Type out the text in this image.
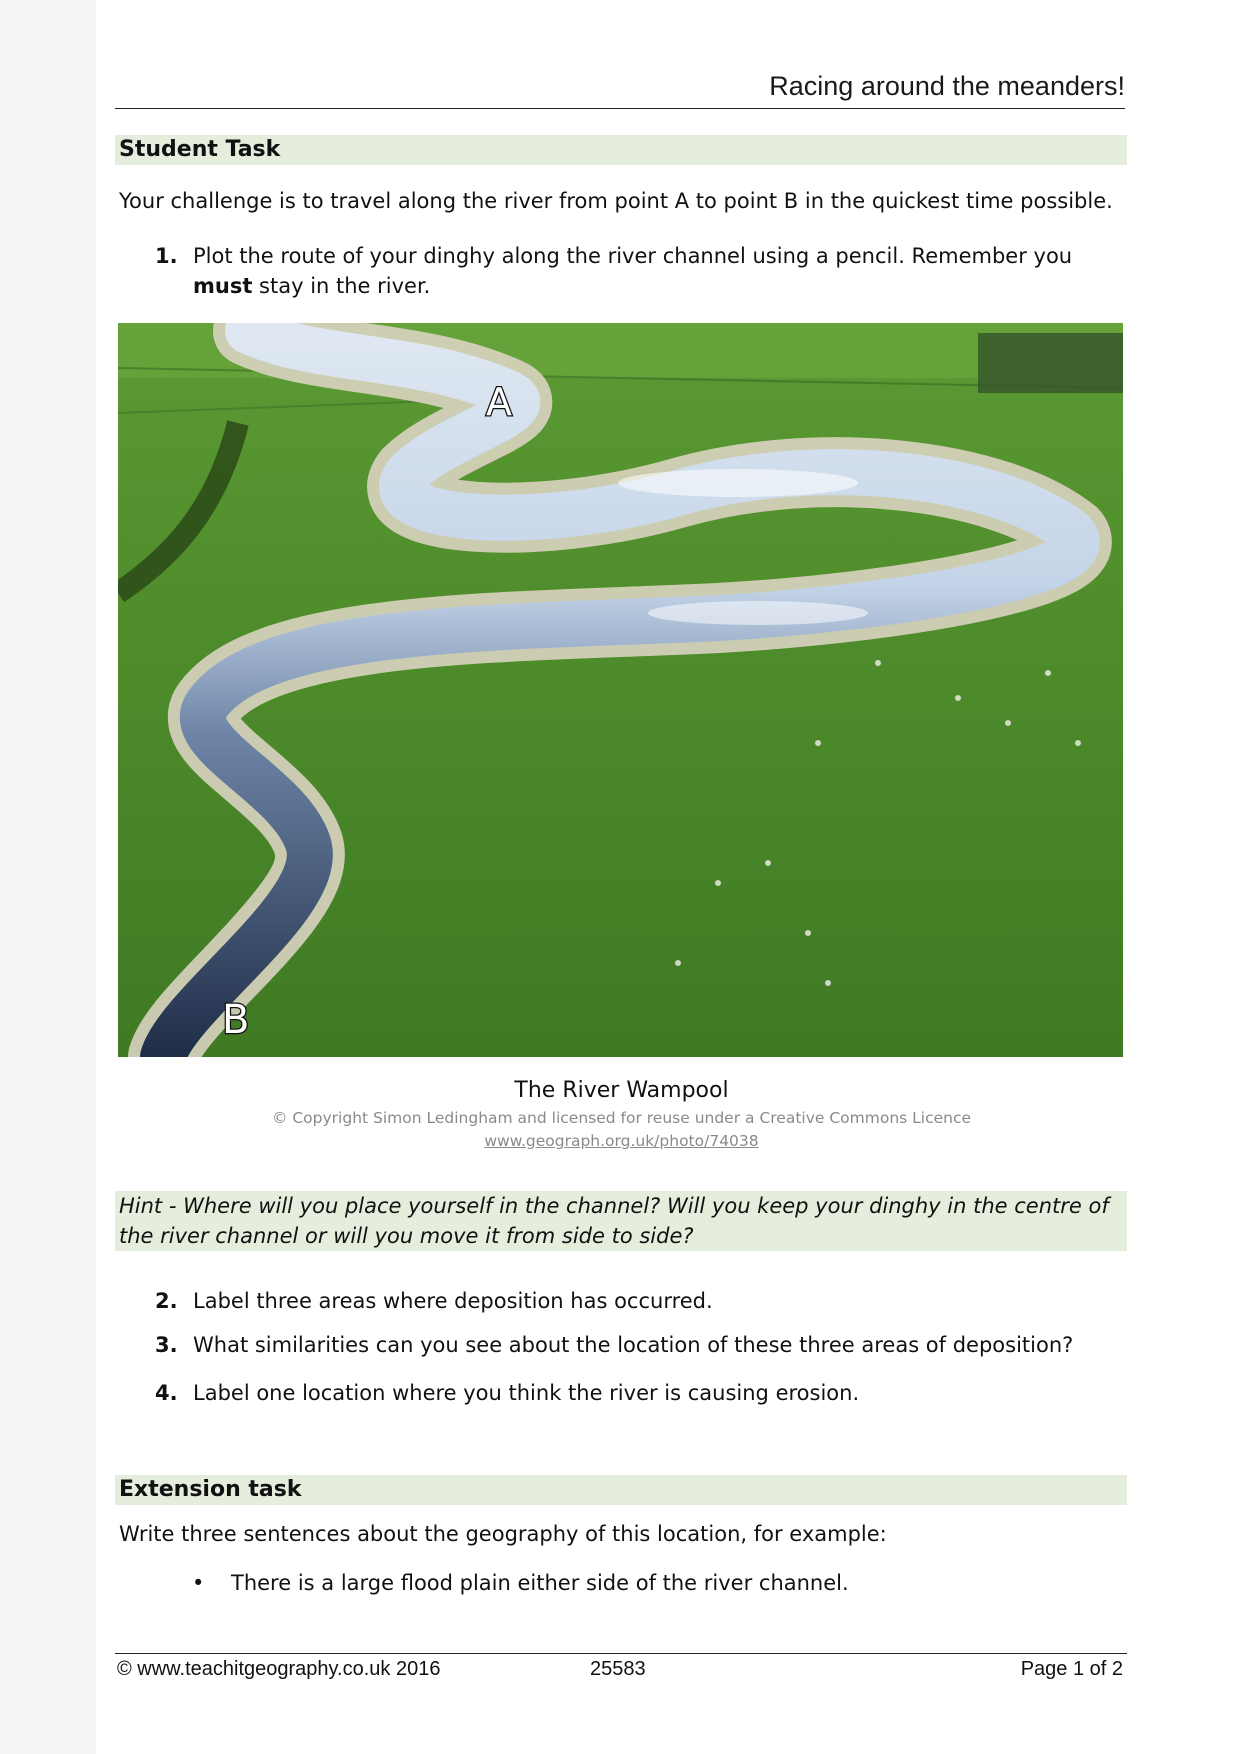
Racing around the meanders!
Student Task
Your challenge is to travel along the river from point A to point B in the quickest time possible.
1. Plot the route of your dinghy along the river channel using a pencil. Remember you must stay in the river.
A
B
The River Wampool
© Copyright Simon Ledingham and licensed for reuse under a Creative Commons Licence
www.geograph.org.uk/photo/74038
Hint - Where will you place yourself in the channel? Will you keep your dinghy in the centre of the river channel or will you move it from side to side?
2. Label three areas where deposition has occurred.
3. What similarities can you see about the location of these three areas of deposition?
4. Label one location where you think the river is causing erosion.
Extension task
Write three sentences about the geography of this location, for example:
• There is a large flood plain either side of the river channel.
© www.teachitgeography.co.uk 2016	25583	Page 1 of 2
